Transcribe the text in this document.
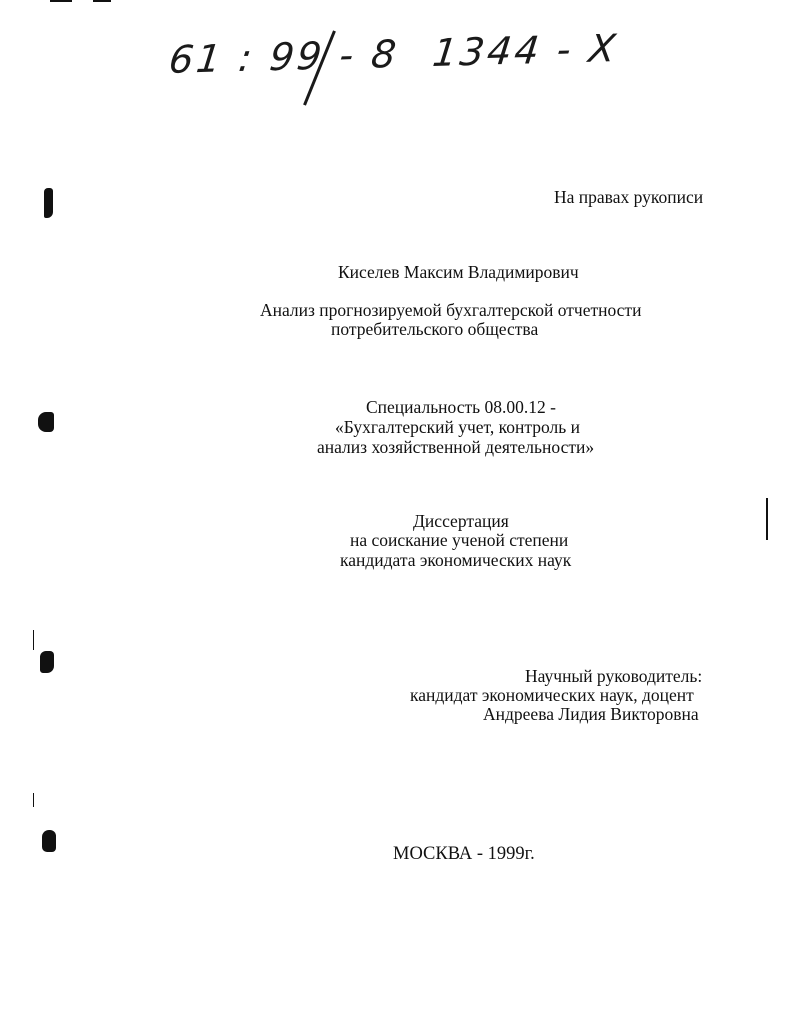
61 : 99 - 8 1344 - X
На правах рукописи
Киселев Максим Владимирович
Анализ прогнозируемой бухгалтерской отчетности
потребительского общества
Специальность 08.00.12 -
«Бухгалтерский учет, контроль и
анализ хозяйственной деятельности»
Диссертация
на соискание ученой степени
кандидата экономических наук
Научный руководитель:
кандидат экономических наук, доцент
Андреева Лидия Викторовна
МОСКВА - 1999г.
